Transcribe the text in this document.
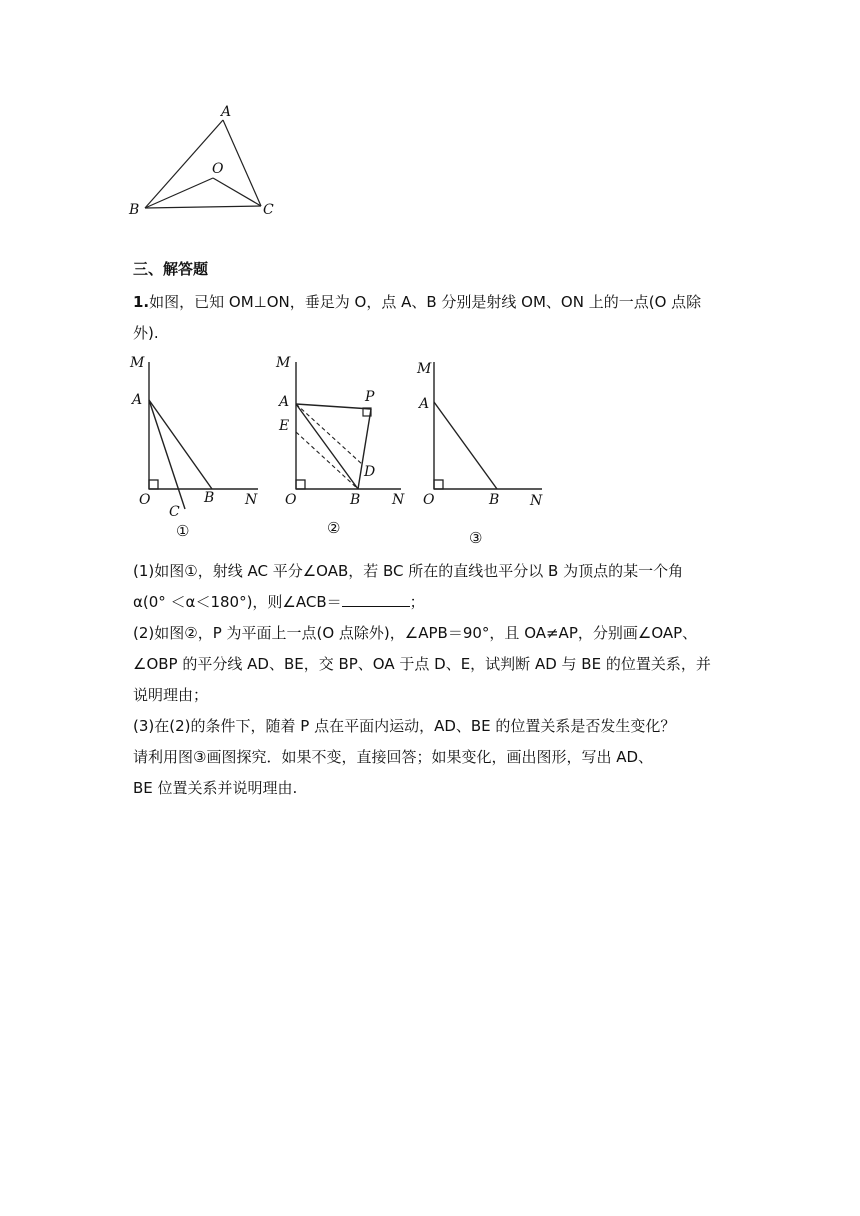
A
O
B	C
三、解答题

1.如图，已知 OM⊥ON，垂足为 O，点 A、B 分别是射线 OM、ON 上的一点(O 点除

外).

M
A
O	B N
C
①
M
A	P
E
D
O	B N
②
M
A
O	B N
③

(1)如图①，射线 AC 平分∠OAB，若 BC 所在的直线也平分以 B 为顶点的某一个角

α(0° ＜α＜180°)，则∠ACB＝	；

(2)如图②，P 为平面上一点(O 点除外)，∠APB＝90°，且 OA≠AP，分别画∠OAP、

∠OBP 的平分线 AD、BE，交 BP、OA 于点 D、E，试判断 AD 与 BE 的位置关系，并

说明理由；

(3)在(2)的条件下，随着 P 点在平面内运动，AD、BE 的位置关系是否发生变化？

请利用图③画图探究．如果不变，直接回答；如果变化，画出图形，写出 AD、

BE 位置关系并说明理由.
